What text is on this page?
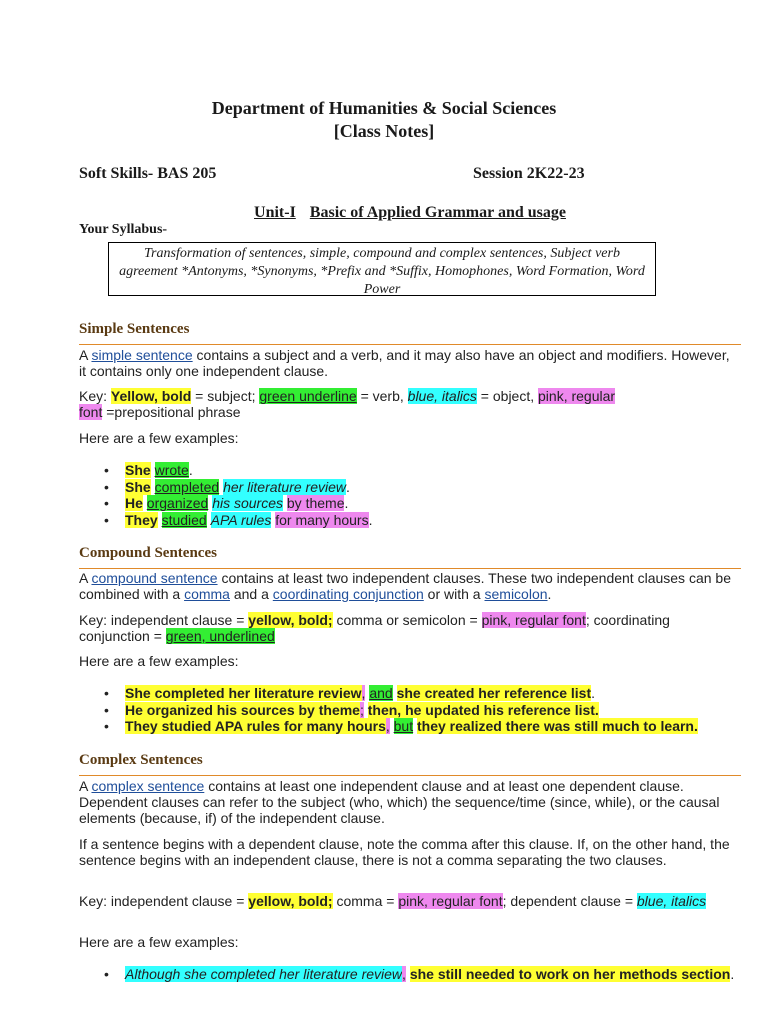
Department of Humanities & Social Sciences
[Class Notes]
Soft Skills- BAS 205	Session 2K22-23
Unit-I Basic of Applied Grammar and usage
Your Syllabus-
Transformation of sentences, simple, compound and complex sentences, Subject verb agreement *Antonyms, *Synonyms, *Prefix and *Suffix, Homophones, Word Formation, Word Power
Simple Sentences
A simple sentence contains a subject and a verb, and it may also have an object and modifiers. However, it contains only one independent clause.
Key: Yellow, bold = subject; green underline = verb, blue, italics = object, pink, regular
font =prepositional phrase
Here are a few examples:
• She wrote.
• She completed her literature review.
• He organized his sources by theme.
• They studied APA rules for many hours.
Compound Sentences
A compound sentence contains at least two independent clauses. These two independent clauses can be combined with a comma and a coordinating conjunction or with a semicolon.
Key: independent clause = yellow, bold; comma or semicolon = pink, regular font; coordinating conjunction = green, underlined
Here are a few examples:
• She completed her literature review, and she created her reference list.
• He organized his sources by theme; then, he updated his reference list.
• They studied APA rules for many hours, but they realized there was still much to learn.
Complex Sentences
A complex sentence contains at least one independent clause and at least one dependent clause. Dependent clauses can refer to the subject (who, which) the sequence/time (since, while), or the causal elements (because, if) of the independent clause.
If a sentence begins with a dependent clause, note the comma after this clause. If, on the other hand, the sentence begins with an independent clause, there is not a comma separating the two clauses.
Key: independent clause = yellow, bold; comma = pink, regular font; dependent clause = blue, italics
Here are a few examples:
• Although she completed her literature review, she still needed to work on her methods section.
